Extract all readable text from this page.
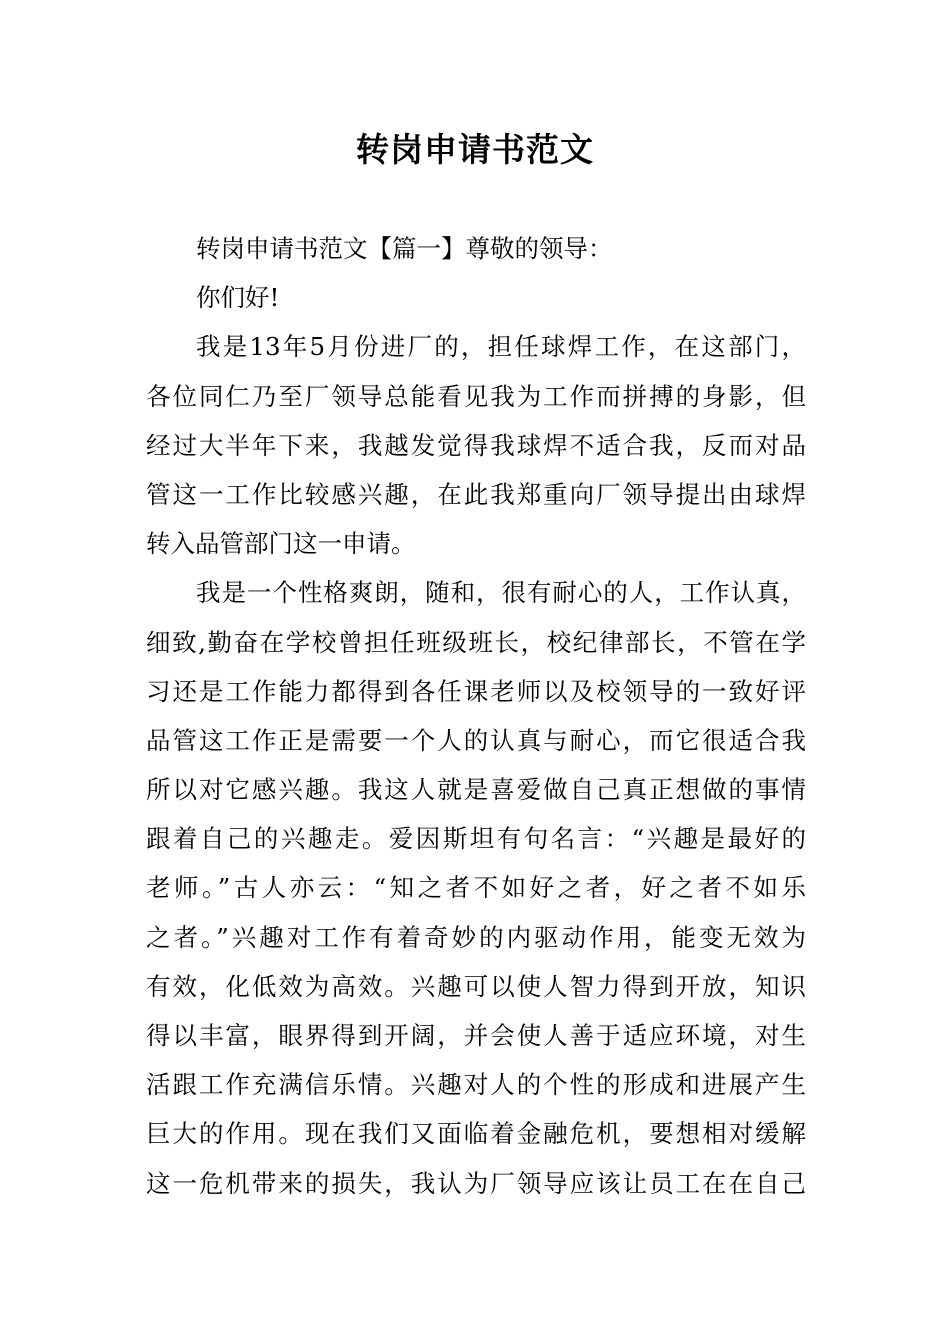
转岗申请书范文
转岗申请书范文【篇一】尊敬的领导：
你们好!
我是13年5月份进厂的，担任球焊工作，在这部门，
各位同仁乃至厂领导总能看见我为工作而拼搏的身影，但
经过大半年下来，我越发觉得我球焊不适合我，反而对品
管这一工作比较感兴趣，在此我郑重向厂领导提出由球焊
转入品管部门这一申请。
我是一个性格爽朗，随和，很有耐心的人，工作认真，
细致,勤奋在学校曾担任班级班长，校纪律部长，不管在学
习还是工作能力都得到各任课老师以及校领导的一致好评
品管这工作正是需要一个人的认真与耐心，而它很适合我
所以对它感兴趣。我这人就是喜爱做自己真正想做的事情
跟着自己的兴趣走。爱因斯坦有句名言：“兴趣是最好的
老师。”古人亦云：“知之者不如好之者，好之者不如乐
之者。”兴趣对工作有着奇妙的内驱动作用，能变无效为
有效，化低效为高效。兴趣可以使人智力得到开放，知识
得以丰富，眼界得到开阔，并会使人善于适应环境，对生
活跟工作充满信乐情。兴趣对人的个性的形成和进展产生
巨大的作用。现在我们又面临着金融危机，要想相对缓解
这一危机带来的损失，我认为厂领导应该让员工在在自己
